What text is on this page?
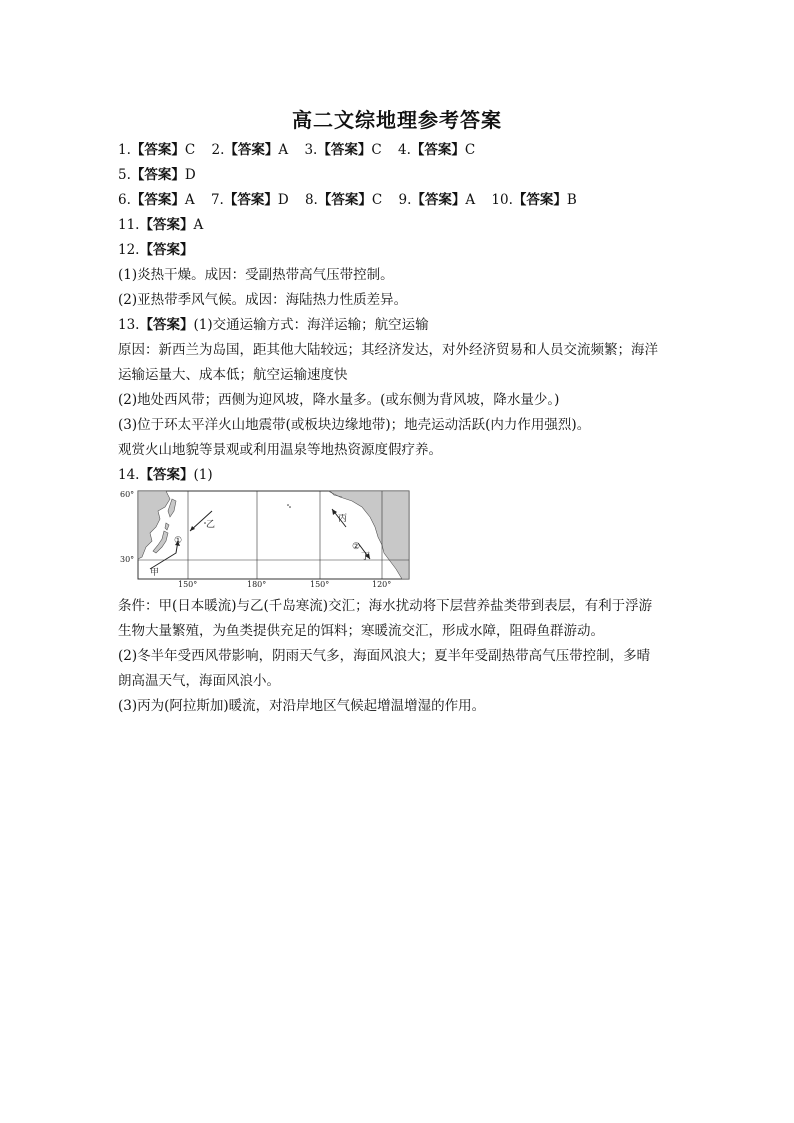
高二文综地理参考答案
1.【答案】C 2.【答案】A 3.【答案】C 4.【答案】C
5.【答案】D
6.【答案】A 7.【答案】D 8.【答案】C 9.【答案】A 10.【答案】B
11.【答案】A
12.【答案】
(1)炎热干燥。成因：受副热带高气压带控制。
(2)亚热带季风气候。成因：海陆热力性质差异。
13.【答案】(1)交通运输方式：海洋运输；航空运输
原因：新西兰为岛国，距其他大陆较远；其经济发达，对外经济贸易和人员交流频繁；海洋
运输运量大、成本低；航空运输速度快
(2)地处西风带；西侧为迎风坡，降水量多。(或东侧为背风坡，降水量少。)
(3)位于环太平洋火山地震带(或板块边缘地带)；地壳运动活跃(内力作用强烈)。
观赏火山地貌等景观或利用温泉等地热资源度假疗养。
14.【答案】(1)
60°
30°
150°	180°	150°	120°
甲
乙
丙
丁
①
②
条件：甲(日本暖流)与乙(千岛寒流)交汇；海水扰动将下层营养盐类带到表层，有利于浮游
生物大量繁殖，为鱼类提供充足的饵料；寒暖流交汇，形成水障，阻碍鱼群游动。
(2)冬半年受西风带影响，阴雨天气多，海面风浪大；夏半年受副热带高气压带控制，多晴
朗高温天气，海面风浪小。
(3)丙为(阿拉斯加)暖流，对沿岸地区气候起增温增湿的作用。
